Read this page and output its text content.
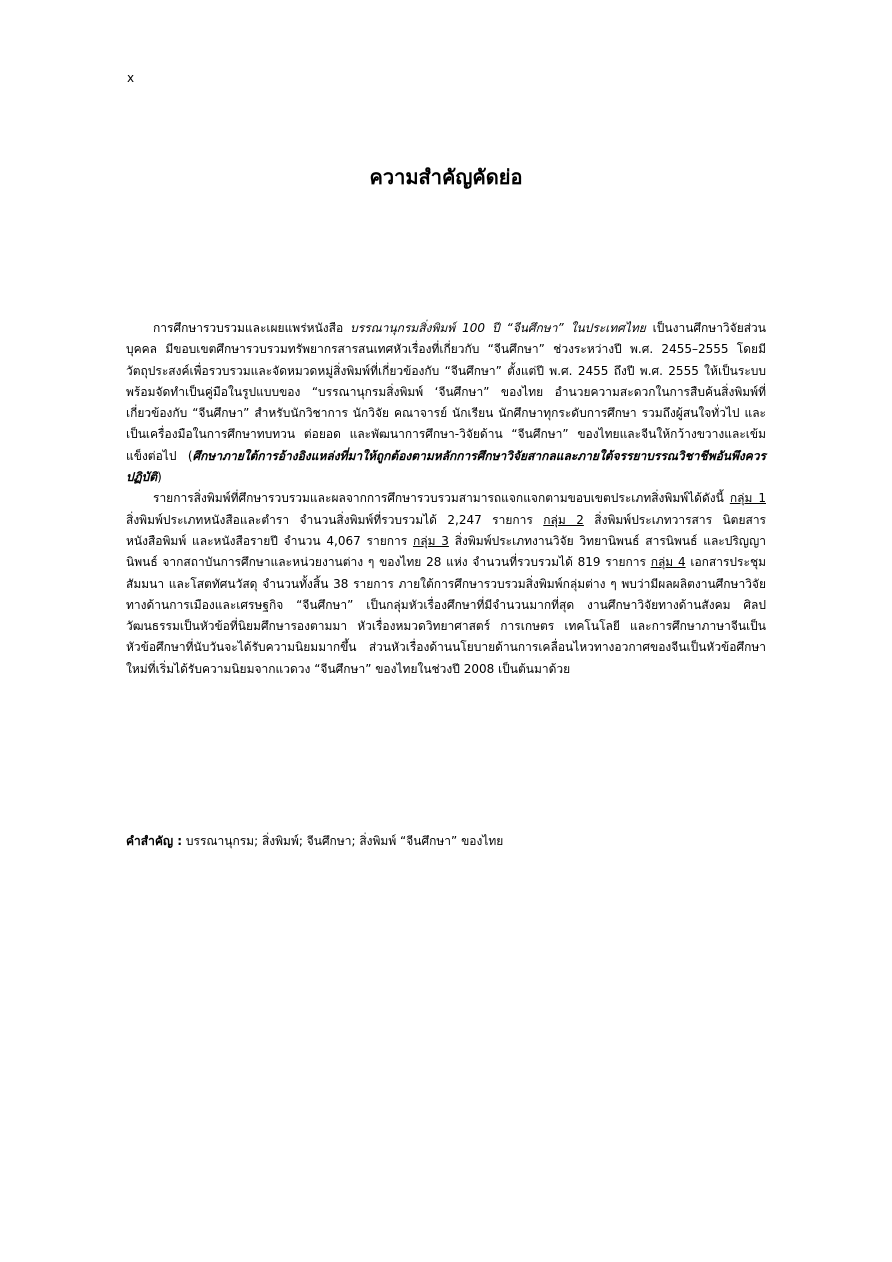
x
ความสำคัญคัดย่อ

การศึกษารวบรวมและเผยแพร่หนังสือ บรรณานุกรมสิ่งพิมพ์ 100 ปี “จีนศึกษา” ในประเทศไทย เป็นงานศึกษาวิจัยส่วนบุคคล มีขอบเขตศึกษารวบรวมทรัพยากรสารสนเทศหัวเรื่องที่เกี่ยวกับ “จีนศึกษา” ช่วงระหว่างปี พ.ศ. 2455–2555 โดยมีวัตถุประสงค์เพื่อรวบรวมและจัดหมวดหมู่สิ่งพิมพ์ที่เกี่ยวข้องกับ “จีนศึกษา” ตั้งแต่ปี พ.ศ. 2455 ถึงปี พ.ศ. 2555 ให้เป็นระบบพร้อมจัดทำเป็นคู่มือในรูปแบบของ “บรรณานุกรมสิ่งพิมพ์ ‘จีนศึกษา” ของไทย อำนวยความสะดวกในการสืบค้นสิ่งพิมพ์ที่เกี่ยวข้องกับ “จีนศึกษา” สำหรับนักวิชาการ นักวิจัย คณาจารย์ นักเรียน นักศึกษาทุกระดับการศึกษา รวมถึงผู้สนใจทั่วไป และเป็นเครื่องมือในการศึกษาทบทวน ต่อยอด และพัฒนาการศึกษา-วิจัยด้าน “จีนศึกษา” ของไทยและจีนให้กว้างขวางและเข้มแข็งต่อไป (ศึกษาภายใต้การอ้างอิงแหล่งที่มาให้ถูกต้องตามหลักการศึกษาวิจัยสากลและภายใต้จรรยาบรรณวิชาชีพอันพึงควรปฏิบัติ)

รายการสิ่งพิมพ์ที่ศึกษารวบรวมและผลจากการศึกษารวบรวมสามารถแจกแจกตามขอบเขตประเภทสิ่งพิมพ์ได้ดังนี้ กลุ่ม 1 สิ่งพิมพ์ประเภทหนังสือและตำรา จำนวนสิ่งพิมพ์ที่รวบรวมได้ 2,247 รายการ กลุ่ม 2 สิ่งพิมพ์ประเภทวารสาร นิตยสาร หนังสือพิมพ์ และหนังสือรายปี จำนวน 4,067 รายการ กลุ่ม 3 สิ่งพิมพ์ประเภทงานวิจัย วิทยานิพนธ์ สารนิพนธ์ และปริญญานิพนธ์ จากสถาบันการศึกษาและหน่วยงานต่าง ๆ ของไทย 28 แห่ง จำนวนที่รวบรวมได้ 819 รายการ กลุ่ม 4 เอกสารประชุม สัมมนา และโสตทัศนวัสดุ จำนวนทั้งสิ้น 38 รายการ ภายใต้การศึกษารวบรวมสิ่งพิมพ์กลุ่มต่าง ๆ พบว่ามีผลผลิตงานศึกษาวิจัยทางด้านการเมืองและเศรษฐกิจ “จีนศึกษา” เป็นกลุ่มหัวเรื่องศึกษาที่มีจำนวนมากที่สุด งานศึกษาวิจัยทางด้านสังคม ศิลปวัฒนธรรมเป็นหัวข้อที่นิยมศึกษารองตามมา หัวเรื่องหมวดวิทยาศาสตร์ การเกษตร เทคโนโลยี และการศึกษาภาษาจีนเป็นหัวข้อศึกษาที่นับวันจะได้รับความนิยมมากขึ้น ส่วนหัวเรื่องด้านนโยบายด้านการเคลื่อนไหวทางอวกาศของจีนเป็นหัวข้อศึกษาใหม่ที่เริ่มได้รับความนิยมจากแวดวง “จีนศึกษา” ของไทยในช่วงปี 2008 เป็นต้นมาด้วย

คำสำคัญ : บรรณานุกรม; สิ่งพิมพ์; จีนศึกษา; สิ่งพิมพ์ “จีนศึกษา” ของไทย
